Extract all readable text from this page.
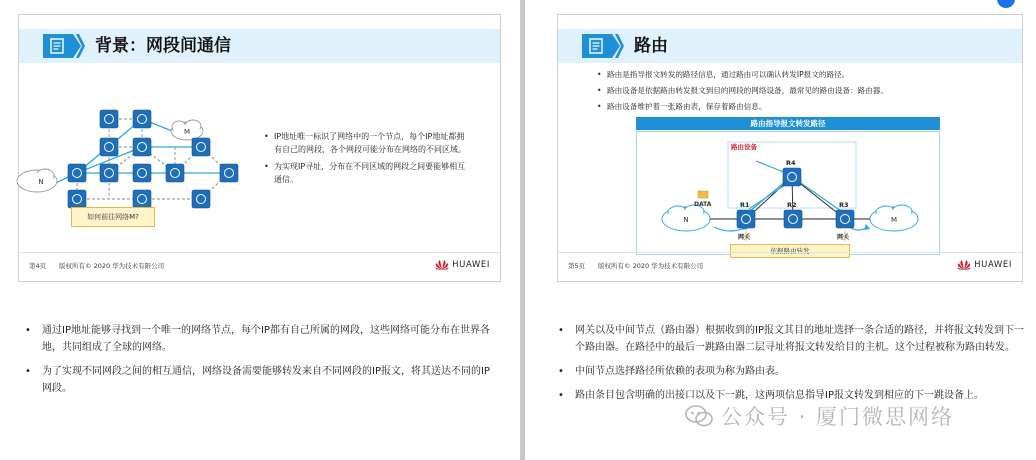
背景：网段间通信
M
N
如何前往网络M?
• IP地址唯一标识了网络中的一个节点，每个IP地址都拥有自己的网段，各个网段可能分布在网络的不同区域。
• 为实现IP寻址，分布在不同区域的网段之间要能够相互通信。
第4页 版权所有© 2020 华为技术有限公司	HUAWEI
• 通过IP地址能够寻找到一个唯一的网络节点，每个IP都有自己所属的网段，这些网络可能分布在世界各地，共同组成了全球的网络。
• 为了实现不同网段之间的相互通信，网络设备需要能够转发来自不同网段的IP报文，将其送达不同的IP网段。
路由
• 路由是指导报文转发的路径信息，通过路由可以确认转发IP报文的路径。
• 路由设备是依据路由转发报文到目的网段的网络设备，最常见的路由设备：路由器。
• 路由设备维护着一张路由表，保存着路由信息。
路由指导报文转发路径
路由设备
N	M
DATA	R1	R2	R3
R4
网关	网关
依据路由转发
第5页 版权所有© 2020 华为技术有限公司	HUAWEI
• 网关以及中间节点（路由器）根据收到的IP报文其目的地址选择一条合适的路径，并将报文转发到下一个路由器。在路径中的最后一跳路由器二层寻址将报文转发给目的主机。这个过程被称为路由转发。
• 中间节点选择路径所依赖的表项为称为路由表。
• 路由条目包含明确的出接口以及下一跳，这两项信息指导IP报文转发到相应的下一跳设备上。
公众号 · 厦门微思网络
